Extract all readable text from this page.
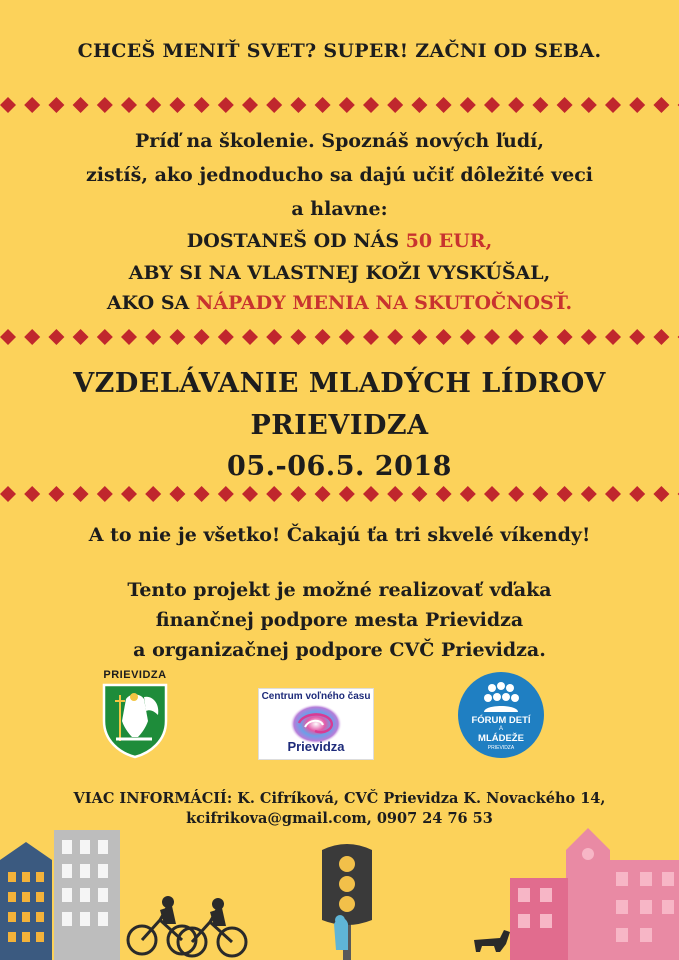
CHCEŠ MENIŤ SVET? SUPER! ZAČNI OD SEBA.
Príď na školenie. Spoznáš nových ľudí,
zistíš, ako jednoducho sa dajú učiť dôležité veci
a hlavne:
DOSTANEŠ OD NÁS 50 EUR,
ABY SI NA VLASTNEJ KOŽI VYSKÚŠAL,
AKO SA NÁPADY MENIA NA SKUTOČNOSŤ.
VZDELÁVANIE MLADÝCH LÍDROV
PRIEVIDZA
05.-06.5. 2018
A to nie je všetko! Čakajú ťa tri skvelé víkendy!
Tento projekt je možné realizovať vďaka
finančnej podpore mesta Prievidza
a organizačnej podpore CVČ Prievidza.
PRIEVIDZA
Centrum voľného času
Prievidza
FÓRUM DETÍ
A
MLÁDEŽE
PRIEVIDZA
VIAC INFORMÁCIÍ: K. Cifríková, CVČ Prievidza K. Novackého 14,
kcifrikova@gmail.com, 0907 24 76 53
